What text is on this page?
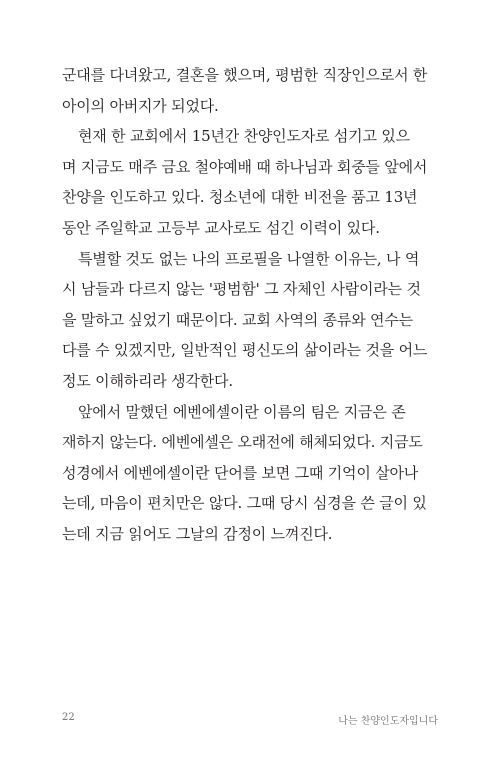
군대를 다녀왔고, 결혼을 했으며, 평범한 직장인으로서 한
아이의 아버지가 되었다.
현재 한 교회에서 15년간 찬양인도자로 섬기고 있으
며 지금도 매주 금요 철야예배 때 하나님과 회중들 앞에서
찬양을 인도하고 있다. 청소년에 대한 비전을 품고 13년
동안 주일학교 고등부 교사로도 섬긴 이력이 있다.
특별할 것도 없는 나의 프로필을 나열한 이유는, 나 역
시 남들과 다르지 않는 '평범함' 그 자체인 사람이라는 것
을 말하고 싶었기 때문이다. 교회 사역의 종류와 연수는
다를 수 있겠지만, 일반적인 평신도의 삶이라는 것을 어느
정도 이해하리라 생각한다.
앞에서 말했던 에벤에셀이란 이름의 팀은 지금은 존
재하지 않는다. 에벤에셀은 오래전에 해체되었다. 지금도
성경에서 에벤에셀이란 단어를 보면 그때 기억이 살아나
는데, 마음이 편치만은 않다. 그때 당시 심경을 쓴 글이 있
는데 지금 읽어도 그날의 감정이 느껴진다.
22	나는 찬양인도자입니다
